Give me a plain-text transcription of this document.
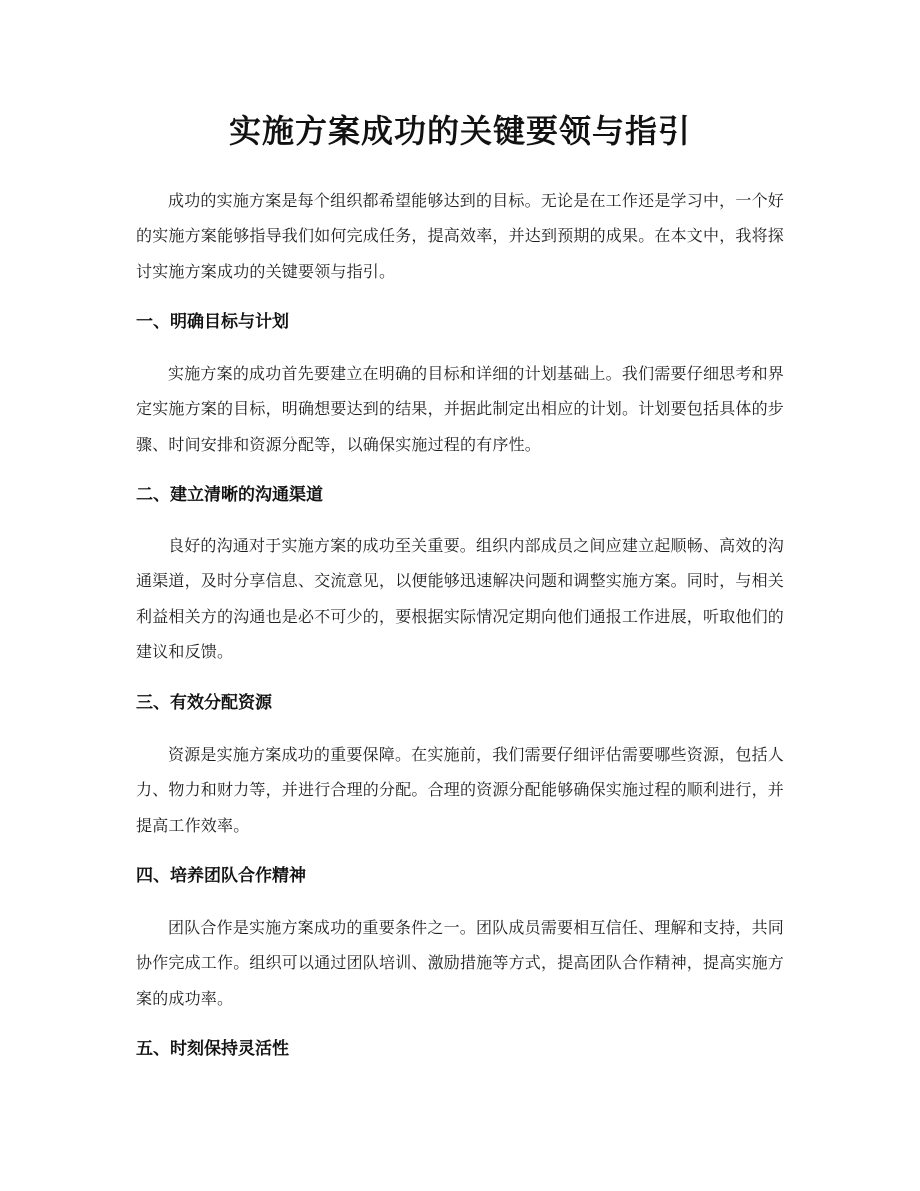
实施方案成功的关键要领与指引

成功的实施方案是每个组织都希望能够达到的目标。无论是在工作还是学习中，一个好的实施方案能够指导我们如何完成任务，提高效率，并达到预期的成果。在本文中，我将探讨实施方案成功的关键要领与指引。

一、明确目标与计划

实施方案的成功首先要建立在明确的目标和详细的计划基础上。我们需要仔细思考和界定实施方案的目标，明确想要达到的结果，并据此制定出相应的计划。计划要包括具体的步骤、时间安排和资源分配等，以确保实施过程的有序性。

二、建立清晰的沟通渠道

良好的沟通对于实施方案的成功至关重要。组织内部成员之间应建立起顺畅、高效的沟通渠道，及时分享信息、交流意见，以便能够迅速解决问题和调整实施方案。同时，与相关利益相关方的沟通也是必不可少的，要根据实际情况定期向他们通报工作进展，听取他们的建议和反馈。

三、有效分配资源

资源是实施方案成功的重要保障。在实施前，我们需要仔细评估需要哪些资源，包括人力、物力和财力等，并进行合理的分配。合理的资源分配能够确保实施过程的顺利进行，并提高工作效率。

四、培养团队合作精神

团队合作是实施方案成功的重要条件之一。团队成员需要相互信任、理解和支持，共同协作完成工作。组织可以通过团队培训、激励措施等方式，提高团队合作精神，提高实施方案的成功率。

五、时刻保持灵活性
